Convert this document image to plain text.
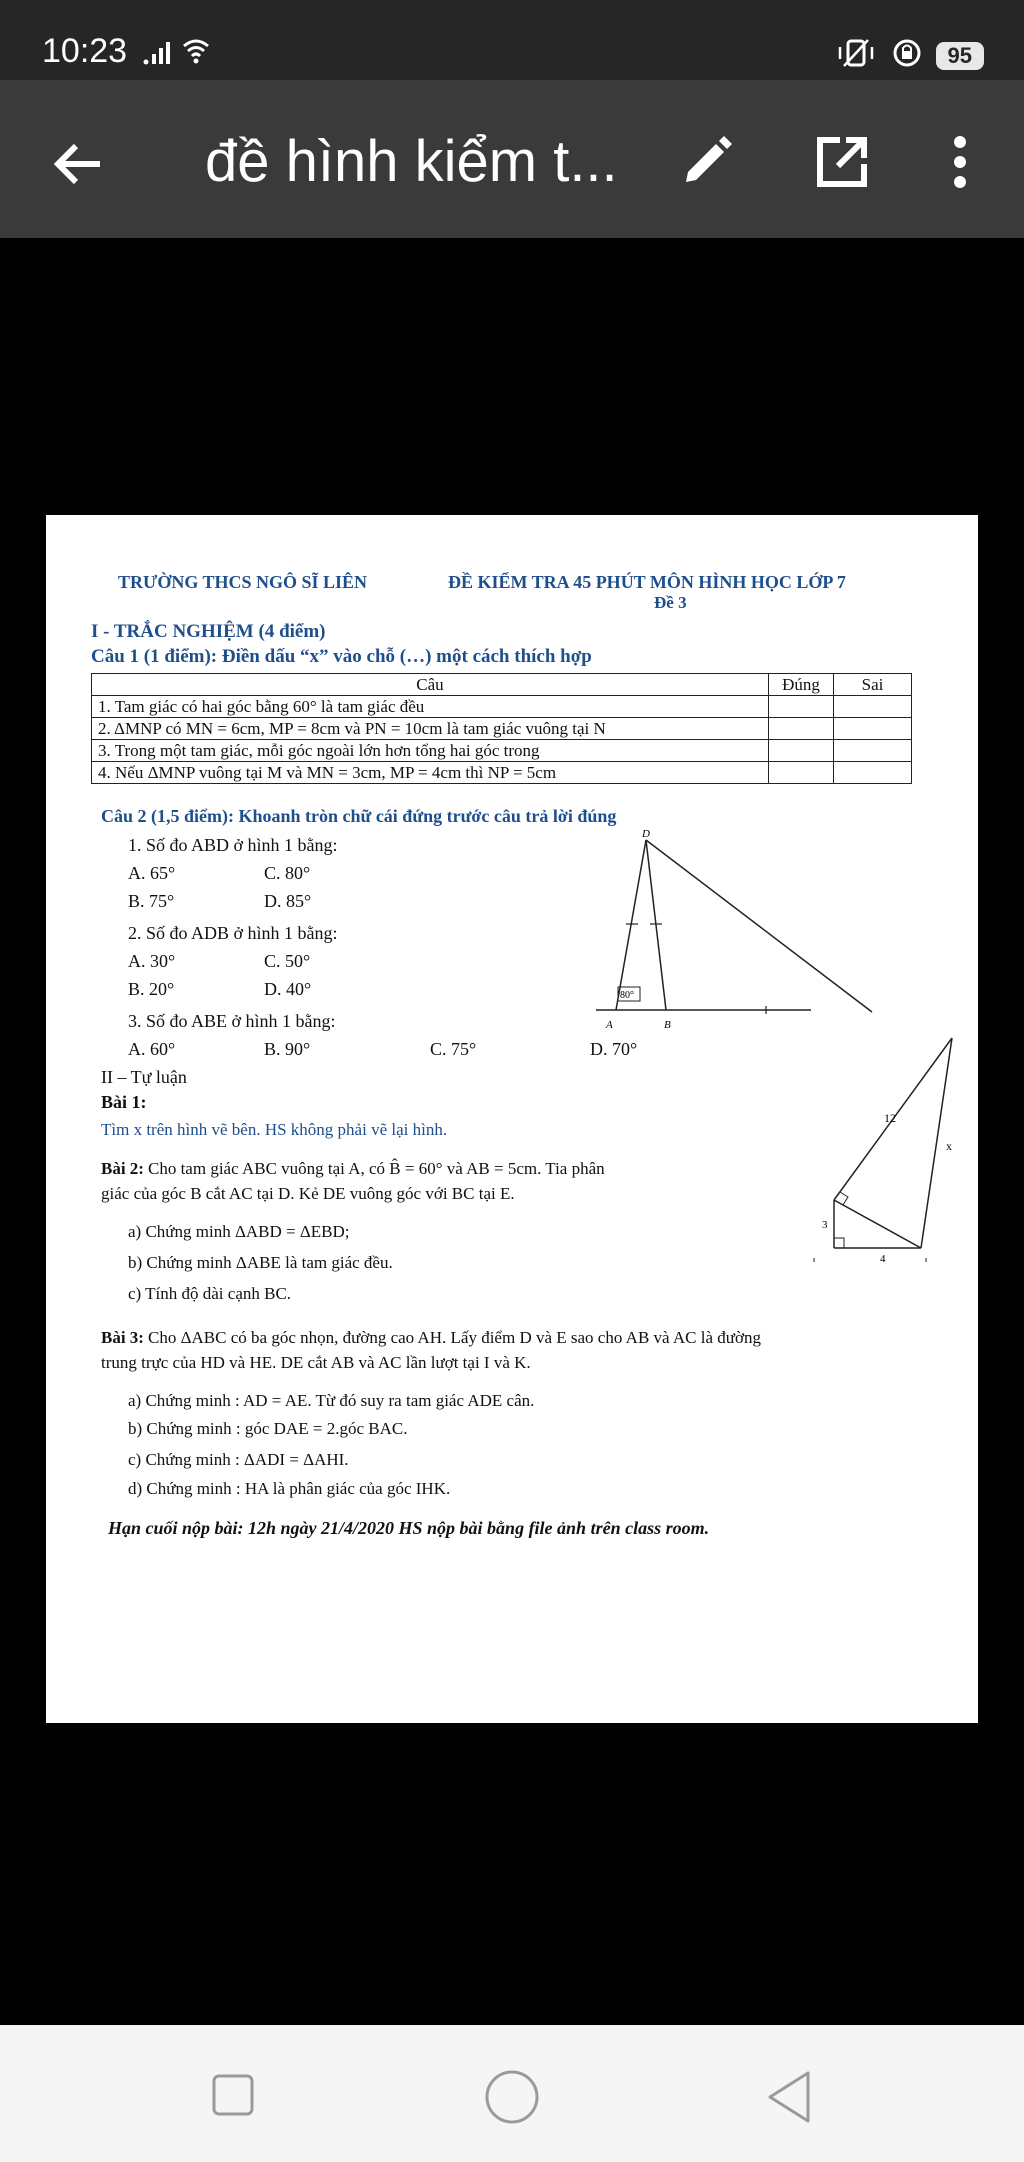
10:23	95
đề hình kiểm t...
TRƯỜNG THCS NGÔ SĨ LIÊN	ĐỀ KIỂM TRA 45 PHÚT MÔN HÌNH HỌC LỚP 7
Đề 3
I - TRẮC NGHIỆM (4 điểm)
Câu 1 (1 điểm): Điền dấu “x” vào chỗ (…) một cách thích hợp
Câu	Đúng	Sai
1. Tam giác có hai góc bằng 60° là tam giác đều		
2. ΔMNP có MN = 6cm, MP = 8cm và PN = 10cm là tam giác vuông tại N		
3. Trong một tam giác, mỗi góc ngoài lớn hơn tổng hai góc trong		
4. Nếu ΔMNP vuông tại M và MN = 3cm, MP = 4cm thì NP = 5cm		
Câu 2 (1,5 điểm): Khoanh tròn chữ cái đứng trước câu trả lời đúng
1. Số đo ABD ở hình 1 bằng:
A. 65°	C. 80°
B. 75°	D. 85°
2. Số đo ADB ở hình 1 bằng:
A. 30°	C. 50°
B. 20°	D. 40°
3. Số đo ABE ở hình 1 bằng:
A. 60°	B. 90°	C. 75°	D. 70°
80°
D
A	B
II – Tự luận
Bài 1:
Tìm x trên hình vẽ bên. HS không phải vẽ lại hình.
12
x
3
4
Bài 2: Cho tam giác ABC vuông tại A, có B̂ = 60° và AB = 5cm. Tia phân
giác của góc B cắt AC tại D. Kẻ DE vuông góc với BC tại E.
a) Chứng minh ΔABD = ΔEBD;
b) Chứng minh ΔABE là tam giác đều.
c) Tính độ dài cạnh BC.
Bài 3: Cho ΔABC có ba góc nhọn, đường cao AH. Lấy điểm D và E sao cho AB và AC là đường
trung trực của HD và HE. DE cắt AB và AC lần lượt tại I và K.
a) Chứng minh : AD = AE. Từ đó suy ra tam giác ADE cân.
b) Chứng minh : góc DAE = 2.góc BAC.
c) Chứng minh : ΔADI = ΔAHI.
d) Chứng minh : HA là phân giác của góc IHK.
Hạn cuối nộp bài: 12h ngày 21/4/2020 HS nộp bài bằng file ảnh trên class room.
